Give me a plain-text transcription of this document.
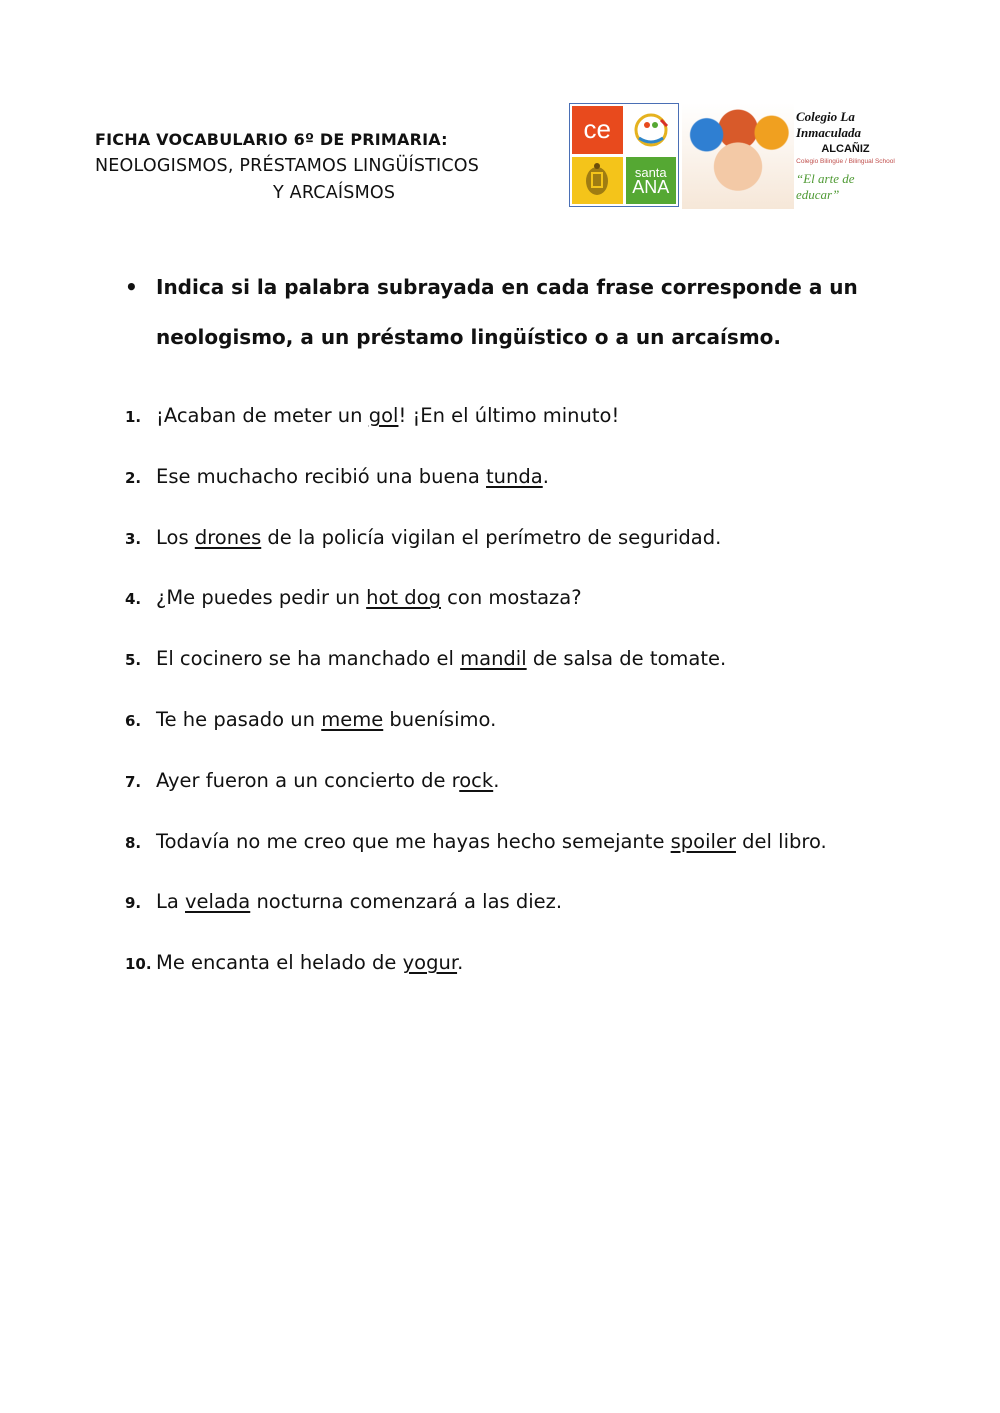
FICHA VOCABULARIO 6º DE PRIMARIA:
NEOLOGISMOS, PRÉSTAMOS LINGÜÍSTICOS
Y ARCAÍSMOS
ce
santa
ANA
Colegio La Inmaculada
ALCAÑIZ
Colegio Bilingüe / Bilingual School
“El arte de educar”
• Indica si la palabra subrayada en cada frase corresponde a un neologismo, a un préstamo lingüístico o a un arcaísmo.
1. ¡Acaban de meter un gol! ¡En el último minuto!
2. Ese muchacho recibió una buena tunda.
3. Los drones de la policía vigilan el perímetro de seguridad.
4. ¿Me puedes pedir un hot dog con mostaza?
5. El cocinero se ha manchado el mandil de salsa de tomate.
6. Te he pasado un meme buenísimo.
7. Ayer fueron a un concierto de rock.
8. Todavía no me creo que me hayas hecho semejante spoiler del libro.
9. La velada nocturna comenzará a las diez.
10. Me encanta el helado de yogur.
